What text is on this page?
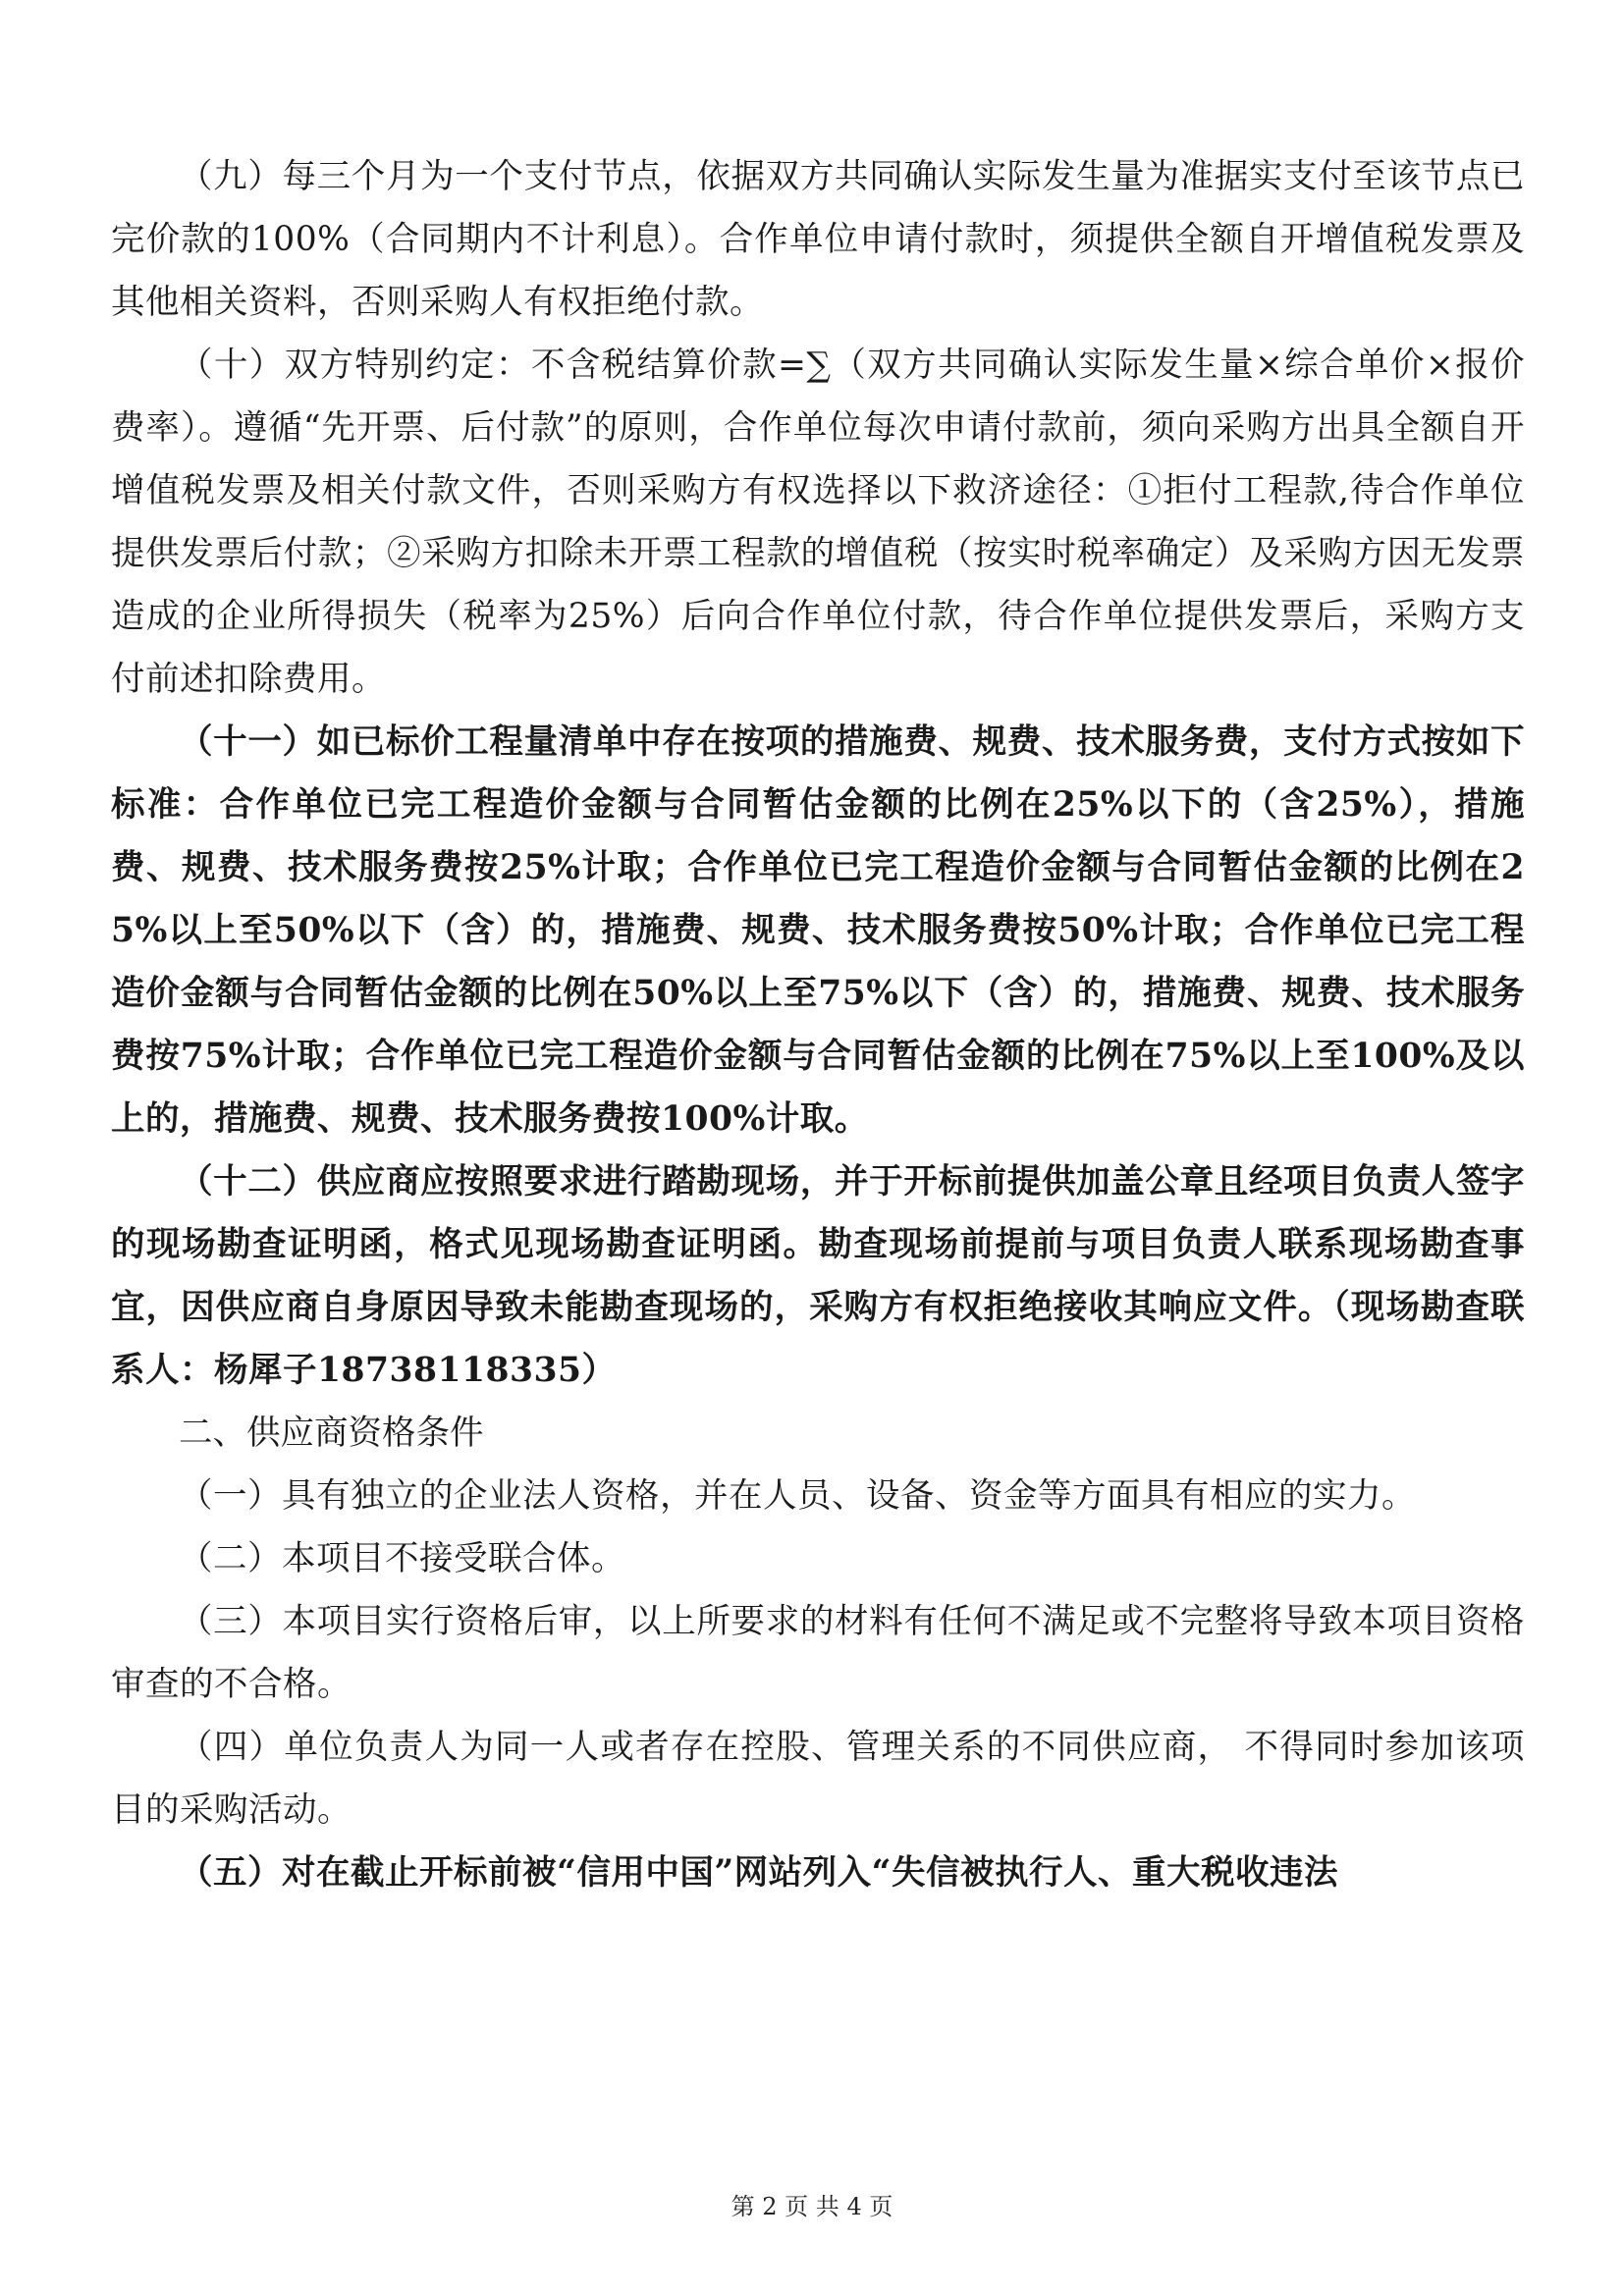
（九）每三个月为一个支付节点，依据双方共同确认实际发生量为准据实支付至该节点已完价款的100%（合同期内不计利息）。合作单位申请付款时，须提供全额自开增值税发票及其他相关资料，否则采购人有权拒绝付款。

（十）双方特别约定：不含税结算价款=∑（双方共同确认实际发生量×综合单价×报价费率）。遵循“先开票、后付款”的原则，合作单位每次申请付款前，须向采购方出具全额自开增值税发票及相关付款文件，否则采购方有权选择以下救济途径：①拒付工程款,待合作单位提供发票后付款；②采购方扣除未开票工程款的增值税（按实时税率确定）及采购方因无发票造成的企业所得损失（税率为25%）后向合作单位付款，待合作单位提供发票后，采购方支付前述扣除费用。

（十一）如已标价工程量清单中存在按项的措施费、规费、技术服务费，支付方式按如下标准：合作单位已完工程造价金额与合同暂估金额的比例在25%以下的（含25%），措施费、规费、技术服务费按25%计取；合作单位已完工程造价金额与合同暂估金额的比例在25%以上至50%以下（含）的，措施费、规费、技术服务费按50%计取；合作单位已完工程造价金额与合同暂估金额的比例在50%以上至75%以下（含）的，措施费、规费、技术服务费按75%计取；合作单位已完工程造价金额与合同暂估金额的比例在75%以上至100%及以上的，措施费、规费、技术服务费按100%计取。

（十二）供应商应按照要求进行踏勘现场，并于开标前提供加盖公章且经项目负责人签字的现场勘查证明函，格式见现场勘查证明函。勘查现场前提前与项目负责人联系现场勘查事宜，因供应商自身原因导致未能勘查现场的，采购方有权拒绝接收其响应文件。（现场勘查联系人：杨犀子18738118335）

二、供应商资格条件

（一）具有独立的企业法人资格，并在人员、设备、资金等方面具有相应的实力。

（二）本项目不接受联合体。

（三）本项目实行资格后审，以上所要求的材料有任何不满足或不完整将导致本项目资格审查的不合格。

（四）单位负责人为同一人或者存在控股、管理关系的不同供应商， 不得同时参加该项目的采购活动。

（五）对在截止开标前被“信用中国”网站列入“失信被执行人、重大税收违法

第 2 页 共 4 页
